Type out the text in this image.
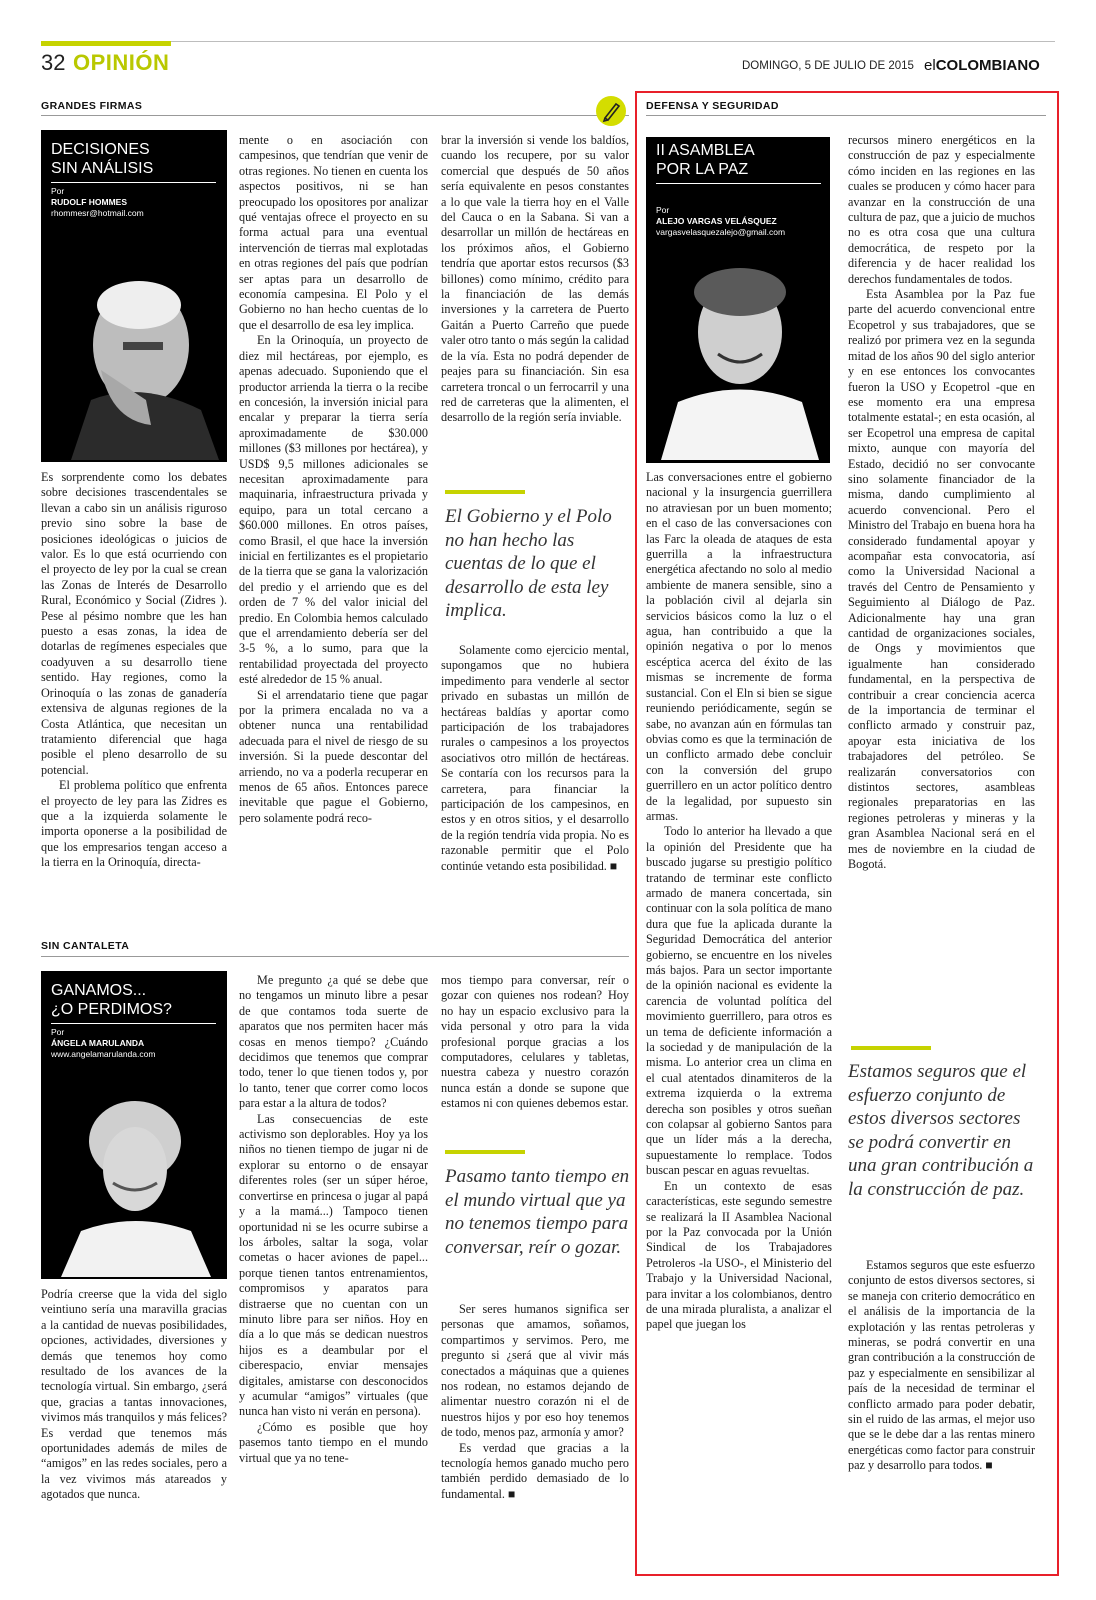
32 OPINIÓN	DOMINGO, 5 DE JULIO DE 2015 elCOLOMBIANO
GRANDES FIRMAS	DEFENSA Y SEGURIDAD
DECISIONES
SIN ANÁLISIS
Por
RUDOLF HOMMES
rhommesr@hotmail.com

Es sorprendente como los debates sobre decisiones trascendentales se llevan a cabo sin un análisis riguroso previo sino sobre la base de posiciones ideológicas o juicios de valor. Es lo que está ocurriendo con el proyecto de ley por la cual se crean las Zonas de Interés de Desarrollo Rural, Económico y Social (Zidres ). Pese al pésimo nombre que les han puesto a esas zonas, la idea de dotarlas de regímenes especiales que coadyuven a su desarrollo tiene sentido. Hay regiones, como la Orinoquía o las zonas de ganadería extensiva de algunas regiones de la Costa Atlántica, que necesitan un tratamiento diferencial que haga posible el pleno desarrollo de su potencial.

El problema político que enfrenta el proyecto de ley para las Zidres es que a la izquierda solamente le importa oponerse a la posibilidad de que los empresarios tengan acceso a la tierra en la Orinoquía, directa-

mente o en asociación con campesinos, que tendrían que venir de otras regiones. No tienen en cuenta los aspectos positivos, ni se han preocupado los opositores por analizar qué ventajas ofrece el proyecto en su forma actual para una eventual intervención de tierras mal explotadas en otras regiones del país que podrían ser aptas para un desarrollo de economía campesina. El Polo y el Gobierno no han hecho cuentas de lo que el desarrollo de esa ley implica.

En la Orinoquía, un proyecto de diez mil hectáreas, por ejemplo, es apenas adecuado. Suponiendo que el productor arrienda la tierra o la recibe en concesión, la inversión inicial para encalar y preparar la tierra sería aproximadamente de $30.000 millones ($3 millones por hectárea), y USD$ 9,5 millones adicionales se necesitan aproximadamente para maquinaria, infraestructura privada y equipo, para un total cercano a $60.000 millones. En otros países, como Brasil, el que hace la inversión inicial en fertilizantes es el propietario de la tierra que se gana la valorización del predio y el arriendo que es del orden de 7 % del valor inicial del predio. En Colombia hemos calculado que el arrendamiento debería ser del 3-5 %, a lo sumo, para que la rentabilidad proyectada del proyecto esté alrededor de 15 % anual.

Si el arrendatario tiene que pagar por la primera encalada no va a obtener nunca una rentabilidad adecuada para el nivel de riesgo de su inversión. Si la puede descontar del arriendo, no va a poderla recuperar en menos de 65 años. Entonces parece inevitable que pague el Gobierno, pero solamente podrá reco-

brar la inversión si vende los baldíos, cuando los recupere, por su valor comercial que después de 50 años sería equivalente en pesos constantes a lo que vale la tierra hoy en el Valle del Cauca o en la Sabana. Si van a desarrollar un millón de hectáreas en los próximos años, el Gobierno tendría que aportar estos recursos ($3 billones) como mínimo, crédito para la financiación de las demás inversiones y la carretera de Puerto Gaitán a Puerto Carreño que puede valer otro tanto o más según la calidad de la vía. Esta no podrá depender de peajes para su financiación. Sin esa carretera troncal o un ferrocarril y una red de carreteras que la alimenten, el desarrollo de la región sería inviable.

El Gobierno y el Polo no han hecho las cuentas de lo que el desarrollo de esta ley implica.

Solamente como ejercicio mental, supongamos que no hubiera impedimento para venderle al sector privado en subastas un millón de hectáreas baldías y aportar como participación de los trabajadores rurales o campesinos a los proyectos asociativos otro millón de hectáreas. Se contaría con los recursos para la carretera, para financiar la participación de los campesinos, en estos y en otros sitios, y el desarrollo de la región tendría vida propia. No es razonable permitir que el Polo continúe vetando esta posibilidad. ■

SIN CANTALETA
GANAMOS...
¿O PERDIMOS?
Por
ÁNGELA MARULANDA
www.angelamarulanda.com

Podría creerse que la vida del siglo veintiuno sería una maravilla gracias a la cantidad de nuevas posibilidades, opciones, actividades, diversiones y demás que tenemos hoy como resultado de los avances de la tecnología virtual. Sin embargo, ¿será que, gracias a tantas innovaciones, vivimos más tranquilos y más felices? Es verdad que tenemos más oportunidades además de miles de “amigos” en las redes sociales, pero a la vez vivimos más atareados y agotados que nunca.

Me pregunto ¿a qué se debe que no tengamos un minuto libre a pesar de que contamos toda suerte de aparatos que nos permiten hacer más cosas en menos tiempo? ¿Cuándo decidimos que tenemos que comprar todo, tener lo que tienen todos y, por lo tanto, tener que correr como locos para estar a la altura de todos?

Las consecuencias de este activismo son deplorables. Hoy ya los niños no tienen tiempo de jugar ni de explorar su entorno o de ensayar diferentes roles (ser un súper héroe, convertirse en princesa o jugar al papá y a la mamá...) Tampoco tienen oportunidad ni se les ocurre subirse a los árboles, saltar la soga, volar cometas o hacer aviones de papel... porque tienen tantos entrenamientos, compromisos y aparatos para distraerse que no cuentan con un minuto libre para ser niños. Hoy en día a lo que más se dedican nuestros hijos es a deambular por el ciberespacio, enviar mensajes digitales, amistarse con desconocidos y acumular “amigos” virtuales (que nunca han visto ni verán en persona).

¿Cómo es posible que hoy pasemos tanto tiempo en el mundo virtual que ya no tene-

mos tiempo para conversar, reír o gozar con quienes nos rodean? Hoy no hay un espacio exclusivo para la vida personal y otro para la vida profesional porque gracias a los computadores, celulares y tabletas, nuestra cabeza y nuestro corazón nunca están a donde se supone que estamos ni con quienes debemos estar.

Pasamo tanto tiempo en el mundo virtual que ya no tenemos tiempo para conversar, reír o gozar.

Ser seres humanos significa ser personas que amamos, soñamos, compartimos y servimos. Pero, me pregunto si ¿será que al vivir más conectados a máquinas que a quienes nos rodean, no estamos dejando de alimentar nuestro corazón ni el de nuestros hijos y por eso hoy tenemos de todo, menos paz, armonía y amor?

Es verdad que gracias a la tecnología hemos ganado mucho pero también perdido demasiado de lo fundamental. ■

II ASAMBLEA
POR LA PAZ
Por
ALEJO VARGAS VELÁSQUEZ
vargasvelasquezalejo@gmail.com

Las conversaciones entre el gobierno nacional y la insurgencia guerrillera no atraviesan por un buen momento; en el caso de las conversaciones con las Farc la oleada de ataques de esta guerrilla a la infraestructura energética afectando no solo al medio ambiente de manera sensible, sino a la población civil al dejarla sin servicios básicos como la luz o el agua, han contribuido a que la opinión negativa o por lo menos escéptica acerca del éxito de las mismas se incremente de forma sustancial. Con el Eln si bien se sigue reuniendo periódicamente, según se sabe, no avanzan aún en fórmulas tan obvias como es que la terminación de un conflicto armado debe concluir con la conversión del grupo guerrillero en un actor político dentro de la legalidad, por supuesto sin armas.

Todo lo anterior ha llevado a que la opinión del Presidente que ha buscado jugarse su prestigio político tratando de terminar este conflicto armado de manera concertada, sin continuar con la sola política de mano dura que fue la aplicada durante la Seguridad Democrática del anterior gobierno, se encuentre en los niveles más bajos. Para un sector importante de la opinión nacional es evidente la carencia de voluntad política del movimiento guerrillero, para otros es un tema de deficiente información a la sociedad y de manipulación de la misma. Lo anterior crea un clima en el cual atentados dinamiteros de la extrema izquierda o la extrema derecha son posibles y otros sueñan con colapsar al gobierno Santos para que un líder más a la derecha, supuestamente lo remplace. Todos buscan pescar en aguas revueltas.

En un contexto de esas características, este segundo semestre se realizará la II Asamblea Nacional por la Paz convocada por la Unión Sindical de los Trabajadores Petroleros -la USO-, el Ministerio del Trabajo y la Universidad Nacional, para invitar a los colombianos, dentro de una mirada pluralista, a analizar el papel que juegan los

recursos minero energéticos en la construcción de paz y especialmente cómo inciden en las regiones en las cuales se producen y cómo hacer para avanzar en la construcción de una cultura de paz, que a juicio de muchos no es otra cosa que una cultura democrática, de respeto por la diferencia y de hacer realidad los derechos fundamentales de todos.

Esta Asamblea por la Paz fue parte del acuerdo convencional entre Ecopetrol y sus trabajadores, que se realizó por primera vez en la segunda mitad de los años 90 del siglo anterior y en ese entonces los convocantes fueron la USO y Ecopetrol -que en ese momento era una empresa totalmente estatal-; en esta ocasión, al ser Ecopetrol una empresa de capital mixto, aunque con mayoría del Estado, decidió no ser convocante sino solamente financiador de la misma, dando cumplimiento al acuerdo convencional. Pero el Ministro del Trabajo en buena hora ha considerado fundamental apoyar y acompañar esta convocatoria, así como la Universidad Nacional a través del Centro de Pensamiento y Seguimiento al Diálogo de Paz. Adicionalmente hay una gran cantidad de organizaciones sociales, de Ongs y movimientos que igualmente han considerado fundamental, en la perspectiva de contribuir a crear conciencia acerca de la importancia de terminar el conflicto armado y construir paz, apoyar esta iniciativa de los trabajadores del petróleo. Se realizarán conversatorios con distintos sectores, asambleas regionales preparatorias en las regiones petroleras y mineras y la gran Asamblea Nacional será en el mes de noviembre en la ciudad de Bogotá.

Estamos seguros que el esfuerzo conjunto de estos diversos sectores se podrá convertir en una gran contribución a la construcción de paz.

Estamos seguros que este esfuerzo conjunto de estos diversos sectores, si se maneja con criterio democrático en el análisis de la importancia de la explotación y las rentas petroleras y mineras, se podrá convertir en una gran contribución a la construcción de paz y especialmente en sensibilizar al país de la necesidad de terminar el conflicto armado para poder debatir, sin el ruido de las armas, el mejor uso que se le debe dar a las rentas minero energéticas como factor para construir paz y desarrollo para todos. ■
